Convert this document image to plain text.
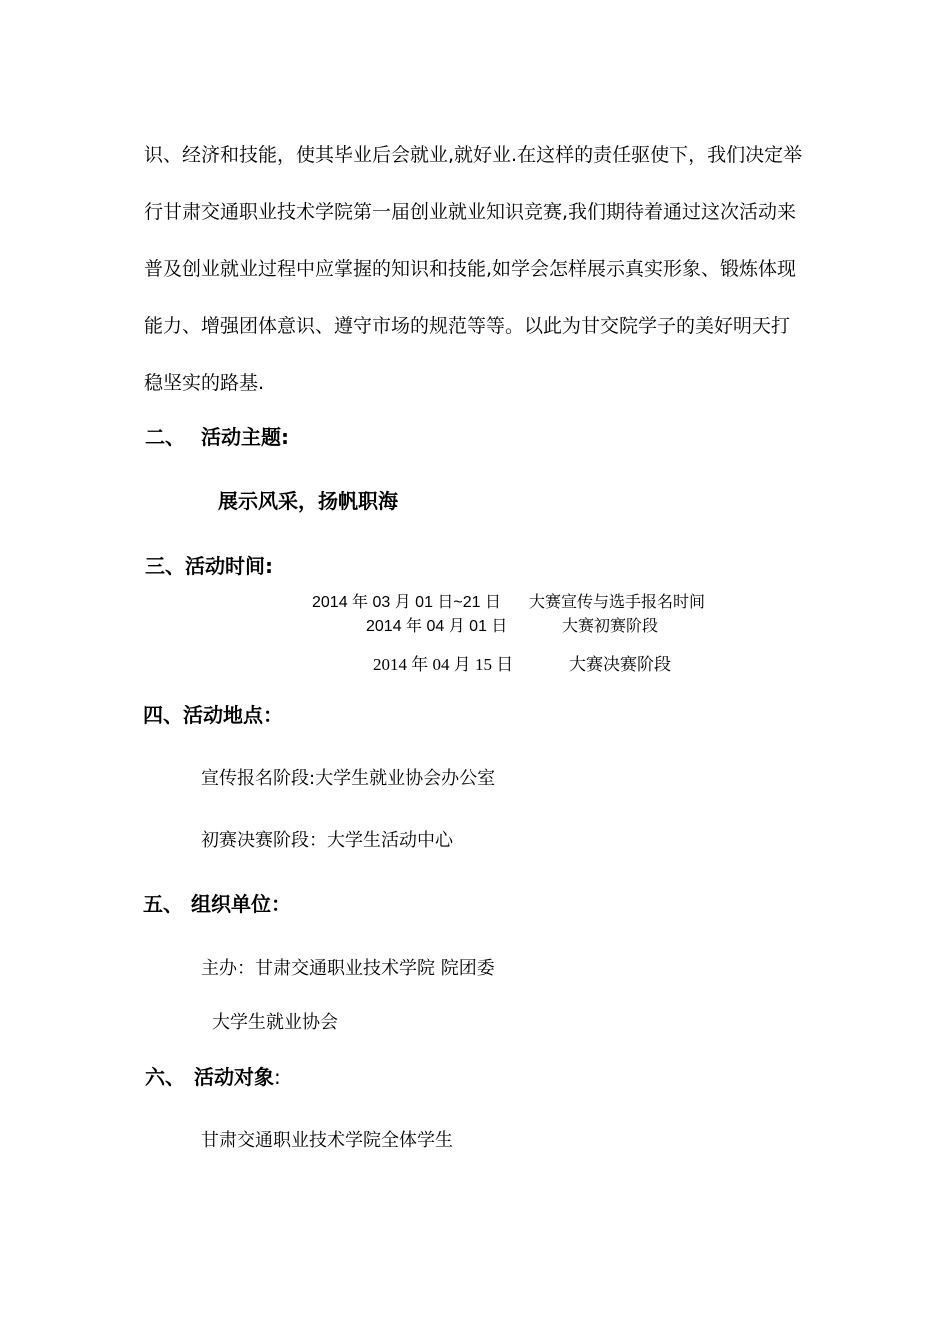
识、经济和技能，使其毕业后会就业,就好业.在这样的责任驱使下，我们决定举
行甘肃交通职业技术学院第一届创业就业知识竞赛,我们期待着通过这次活动来
普及创业就业过程中应掌握的知识和技能,如学会怎样展示真实形象、锻炼体现
能力、增强团体意识、遵守市场的规范等等。以此为甘交院学子的美好明天打
稳坚实的路基.
二、 活动主题:
展示风采，扬帆职海
三、活动时间:
2014 年 03 月 01 日~21 日 大赛宣传与选手报名时间
2014 年 04 月 01 日	大赛初赛阶段
2014 年 04 月 15 日	大赛决赛阶段
四、活动地点：
宣传报名阶段:大学生就业协会办公室
初赛决赛阶段：大学生活动中心
五、 组织单位：
主办：甘肃交通职业技术学院 院团委
大学生就业协会
六、 活动对象:
甘肃交通职业技术学院全体学生
